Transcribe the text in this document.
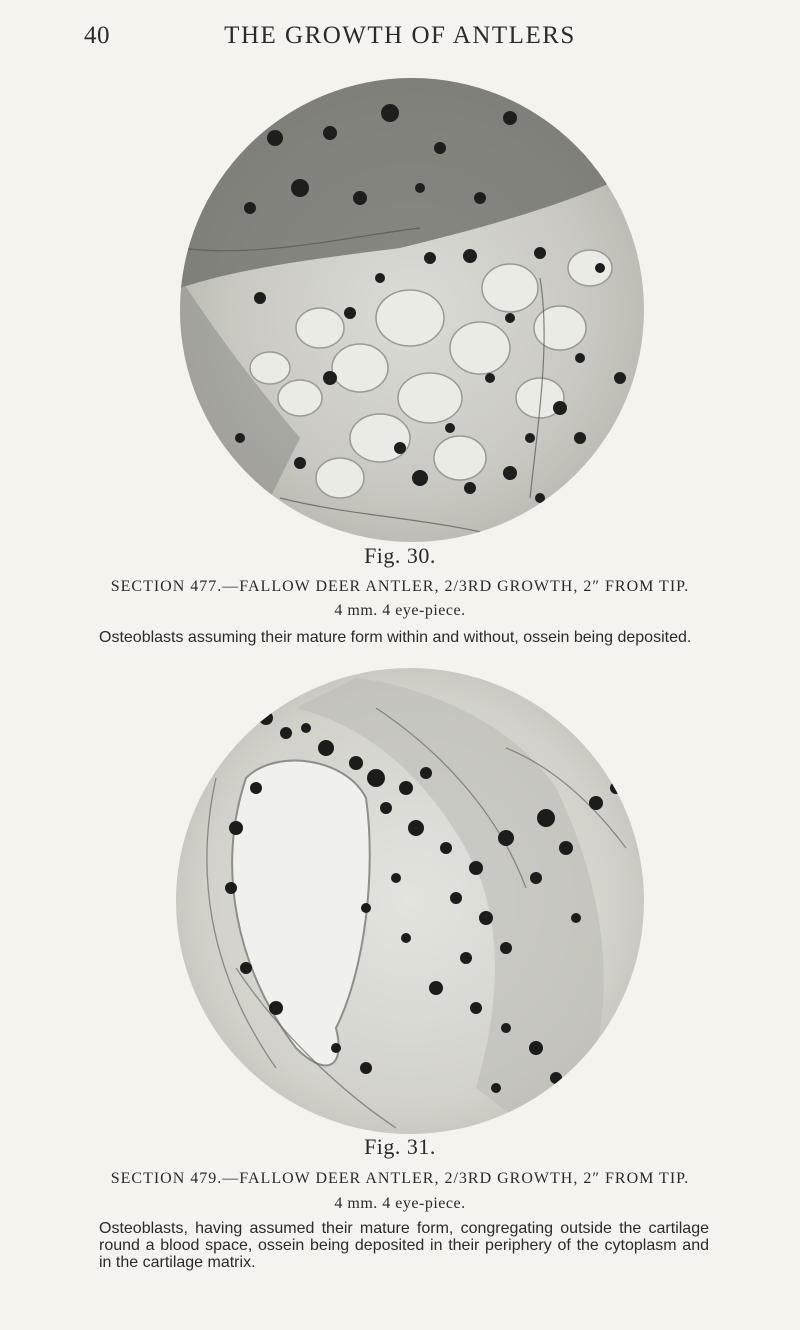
40	THE GROWTH OF ANTLERS
Fig. 30.
SECTION 477.—FALLOW DEER ANTLER, 2/3RD GROWTH, 2″ FROM TIP.
4 mm. 4 eye-piece.
Osteoblasts assuming their mature form within and without, ossein being deposited.
Fig. 31.
SECTION 479.—FALLOW DEER ANTLER, 2/3RD GROWTH, 2″ FROM TIP.
4 mm. 4 eye-piece.
Osteoblasts, having assumed their mature form, congregating outside the cartilage round a blood space, ossein being deposited in their periphery of the cytoplasm and in the cartilage matrix.
